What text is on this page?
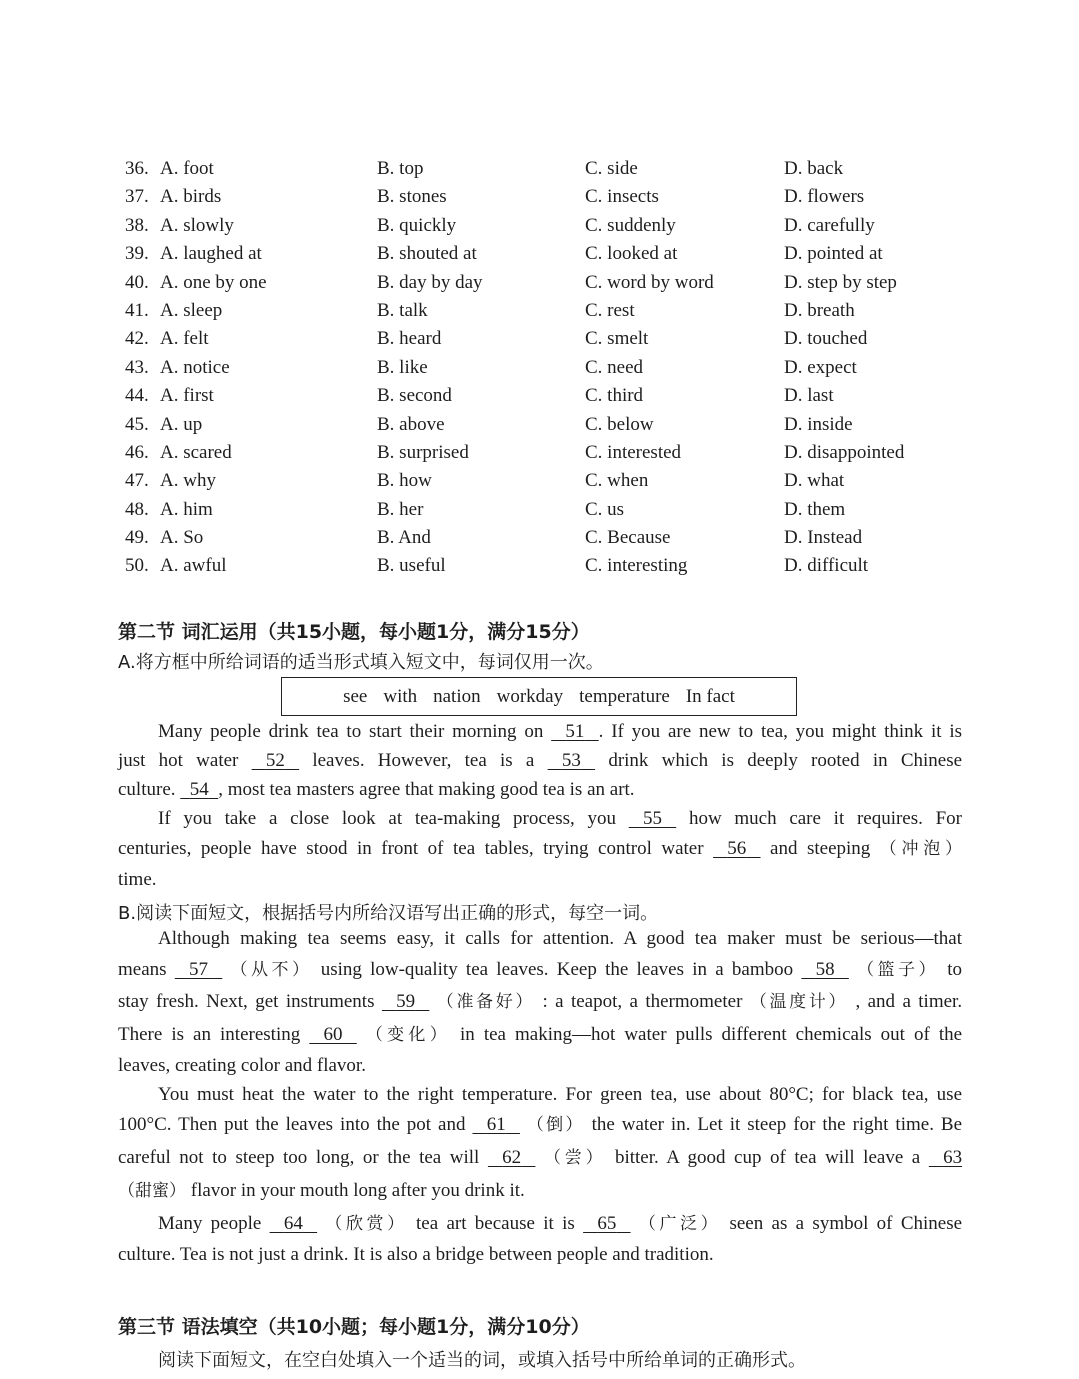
36. A. foot	B. top	C. side	D. back
37. A. birds	B. stones	C. insects	D. flowers
38. A. slowly	B. quickly	C. suddenly	D. carefully
39. A. laughed at	B. shouted at	C. looked at	D. pointed at
40. A. one by one	B. day by day	C. word by word	D. step by step
41. A. sleep	B. talk	C. rest	D. breath
42. A. felt	B. heard	C. smelt	D. touched
43. A. notice	B. like	C. need	D. expect
44. A. first	B. second	C. third	D. last
45. A. up	B. above	C. below	D. inside
46. A. scared	B. surprised	C. interested	D. disappointed
47. A. why	B. how	C. when	D. what
48. A. him	B. her	C. us	D. them
49. A. So	B. And	C. Because	D. Instead
50. A. awful	B. useful	C. interesting	D. difficult
第二节 词汇运用（共15小题，每小题1分，满分15分）
A.将方框中所给词语的适当形式填入短文中，每词仅用一次。
see with nation workday temperature In fact
Many people drink tea to start their morning on 51 . If you are new to tea, you might think it is
just hot water 52 leaves. However, tea is a 53 drink which is deeply rooted in Chinese
culture. 54 , most tea masters agree that making good tea is an art.
If you take a close look at tea-making process, you 55 how much care it requires. For
centuries, people have stood in front of tea tables, trying control water 56 and steeping （冲泡）
time.
B.阅读下面短文，根据括号内所给汉语写出正确的形式，每空一词。
Although making tea seems easy, it calls for attention. A good tea maker must be serious—that
means 57 （从不） using low-quality tea leaves. Keep the leaves in a bamboo 58 （篮子） to
stay fresh. Next, get instruments 59 （准备好） : a teapot, a thermometer （温度计） , and a timer.
There is an interesting 60 （变化） in tea making—hot water pulls different chemicals out of the
leaves, creating color and flavor.
You must heat the water to the right temperature. For green tea, use about 80°C; for black tea, use
100°C. Then put the leaves into the pot and 61 （倒） the water in. Let it steep for the right time. Be
careful not to steep too long, or the tea will 62 （尝） bitter. A good cup of tea will leave a 63
（甜蜜） flavor in your mouth long after you drink it.
Many people 64 （欣赏） tea art because it is 65 （广泛） seen as a symbol of Chinese
culture. Tea is not just a drink. It is also a bridge between people and tradition.
第三节 语法填空（共10小题；每小题1分，满分10分）
阅读下面短文，在空白处填入一个适当的词，或填入括号中所给单词的正确形式。
